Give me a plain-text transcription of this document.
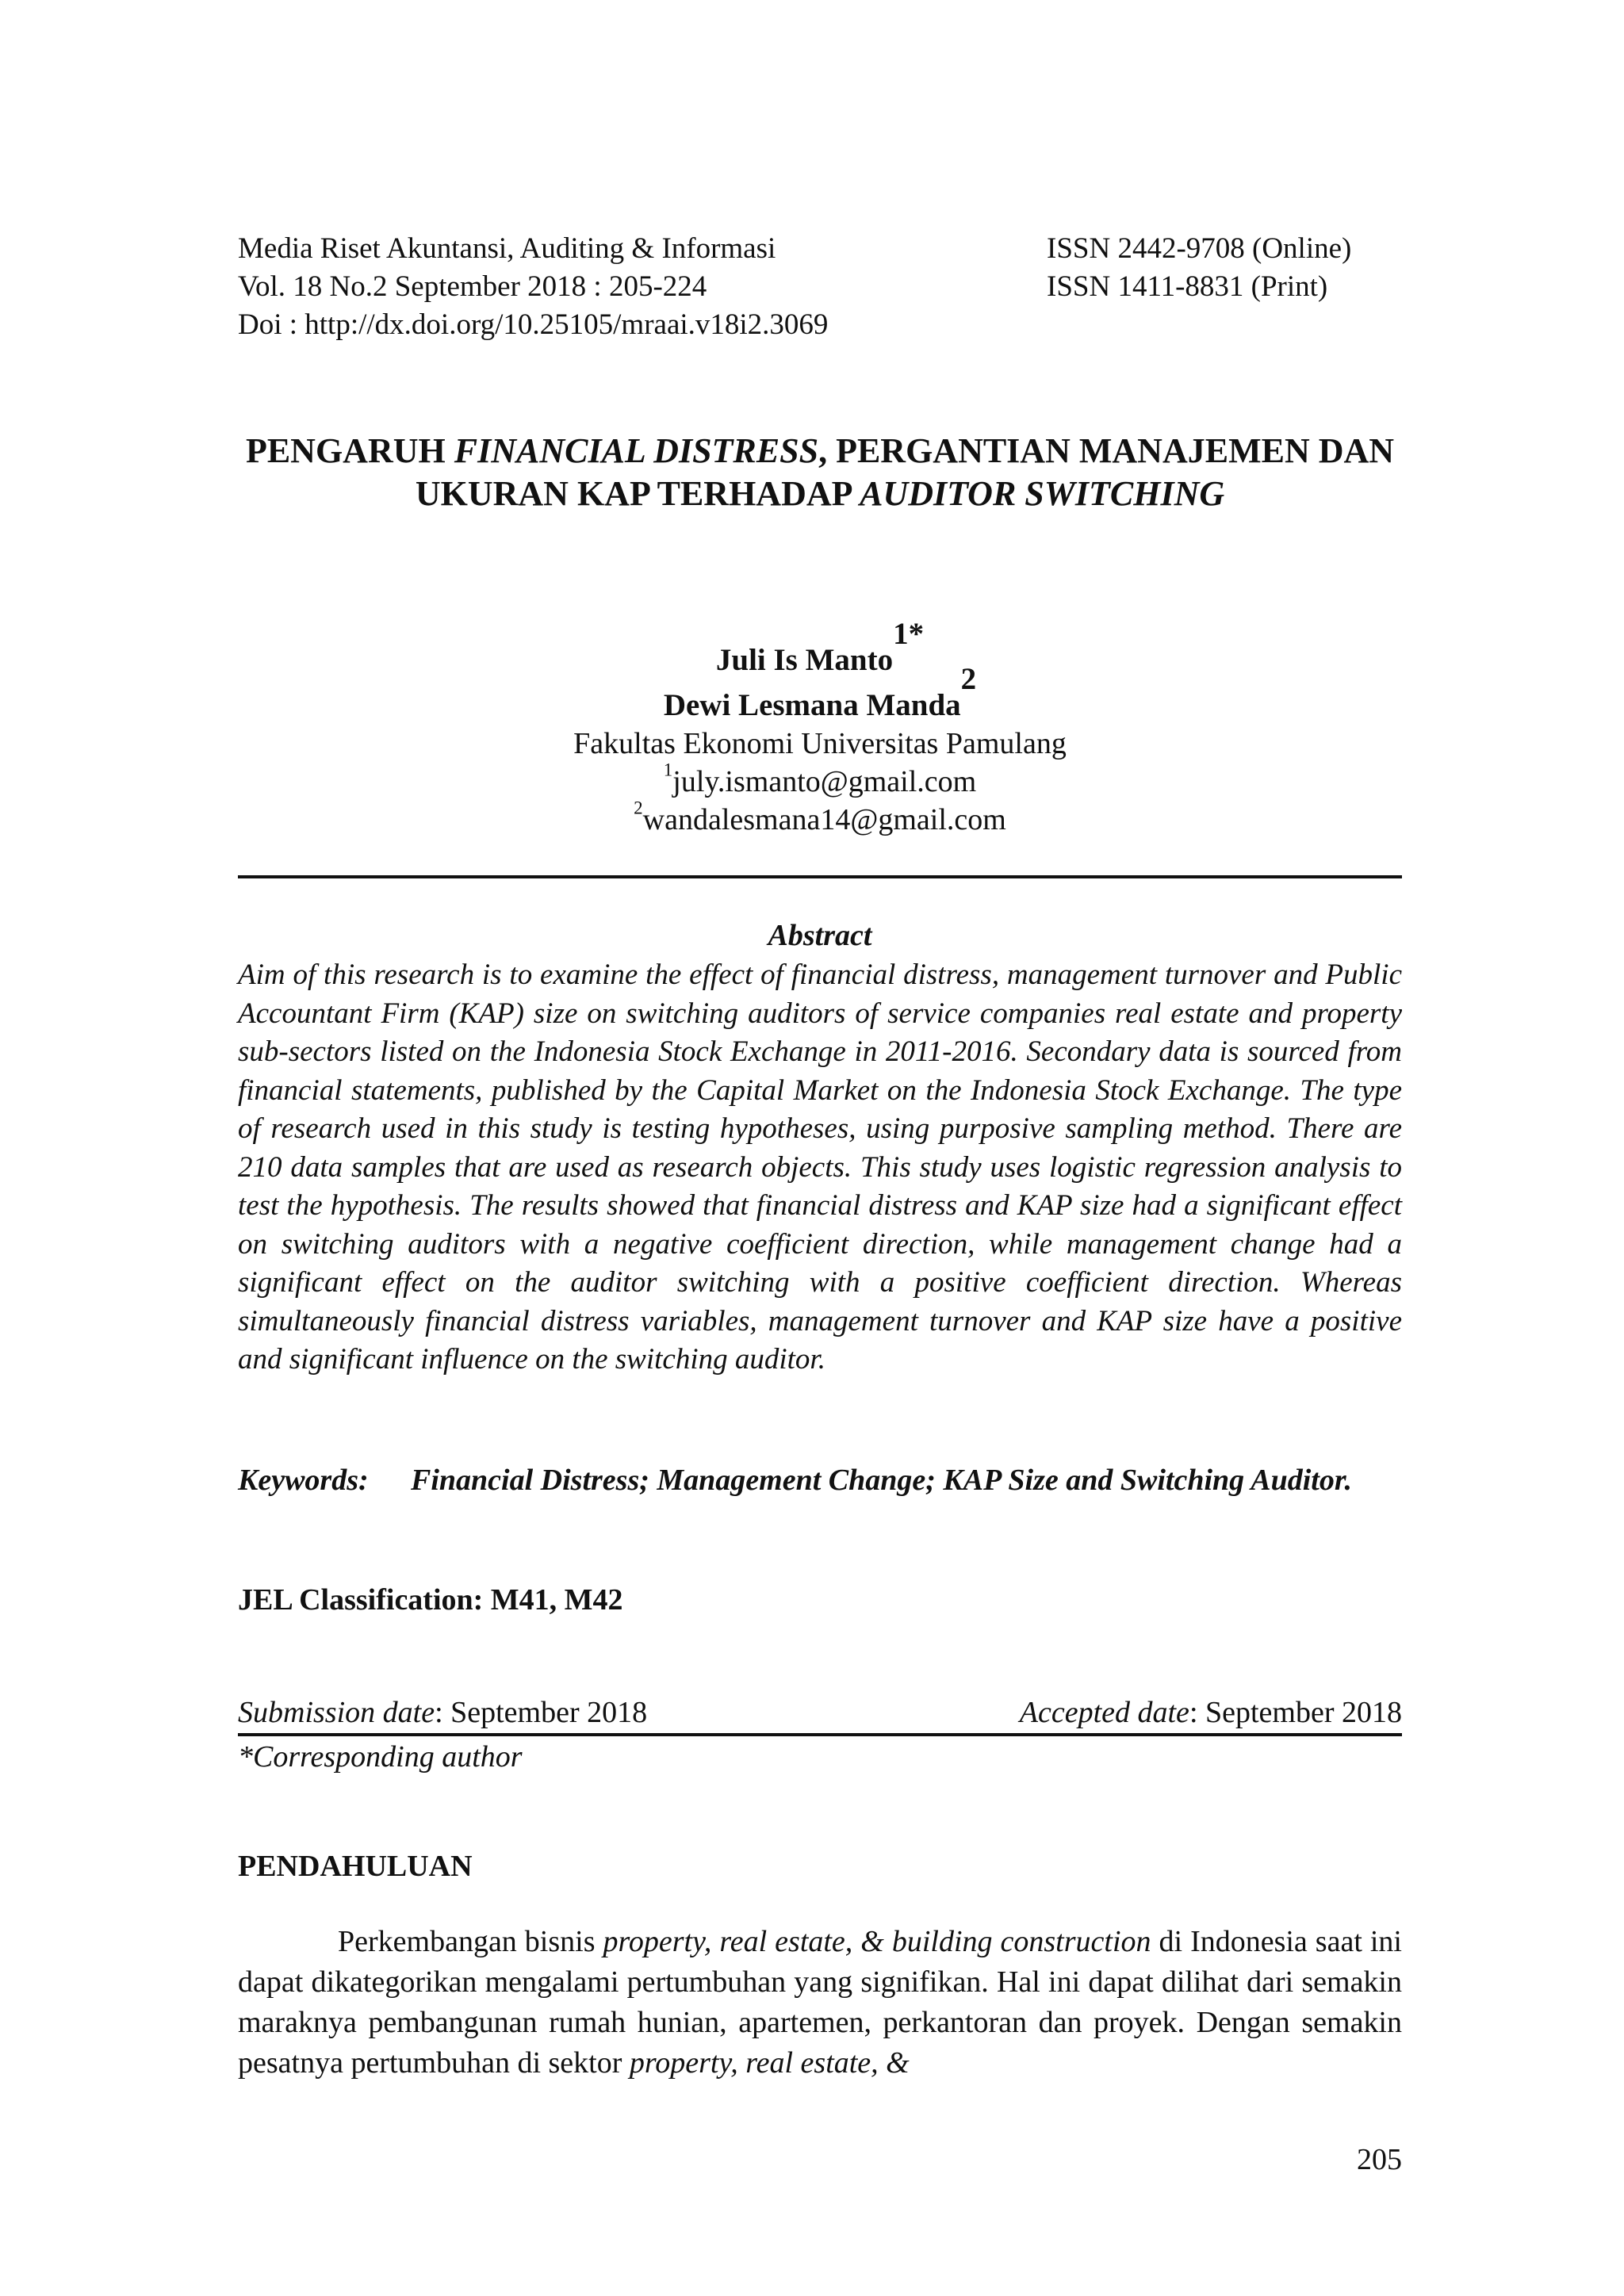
Media Riset Akuntansi, Auditing & Informasi
Vol. 18 No.2 September 2018 : 205-224
Doi : http://dx.doi.org/10.25105/mraai.v18i2.3069
ISSN 2442-9708 (Online)
ISSN 1411-8831 (Print)
PENGARUH FINANCIAL DISTRESS, PERGANTIAN MANAJEMEN DAN UKURAN KAP TERHADAP AUDITOR SWITCHING
Juli Is Manto$^{1*}$
Dewi Lesmana Manda$^2$
Fakultas Ekonomi Universitas Pamulang
$^1$july.ismanto@gmail.com
$^2$wandalesmana14@gmail.com
Abstract
Aim of this research is to examine the effect of financial distress, management turnover and Public Accountant Firm (KAP) size on switching auditors of service companies real estate and property sub-sectors listed on the Indonesia Stock Exchange in 2011-2016. Secondary data is sourced from financial statements, published by the Capital Market on the Indonesia Stock Exchange. The type of research used in this study is testing hypotheses, using purposive sampling method. There are 210 data samples that are used as research objects. This study uses logistic regression analysis to test the hypothesis. The results showed that financial distress and KAP size had a significant effect on switching auditors with a negative coefficient direction, while management change had a significant effect on the auditor switching with a positive coefficient direction. Whereas simultaneously financial distress variables, management turnover and KAP size have a positive and significant influence on the switching auditor.
Keywords: Financial Distress; Management Change; KAP Size and Switching Auditor.
JEL Classification: M41, M42
Submission date: September 2018	Accepted date: September 2018
*Corresponding author
PENDAHULUAN
Perkembangan bisnis property, real estate, & building construction di Indonesia saat ini dapat dikategorikan mengalami pertumbuhan yang signifikan. Hal ini dapat dilihat dari semakin maraknya pembangunan rumah hunian, apartemen, perkantoran dan proyek. Dengan semakin pesatnya pertumbuhan di sektor property, real estate, &
205
